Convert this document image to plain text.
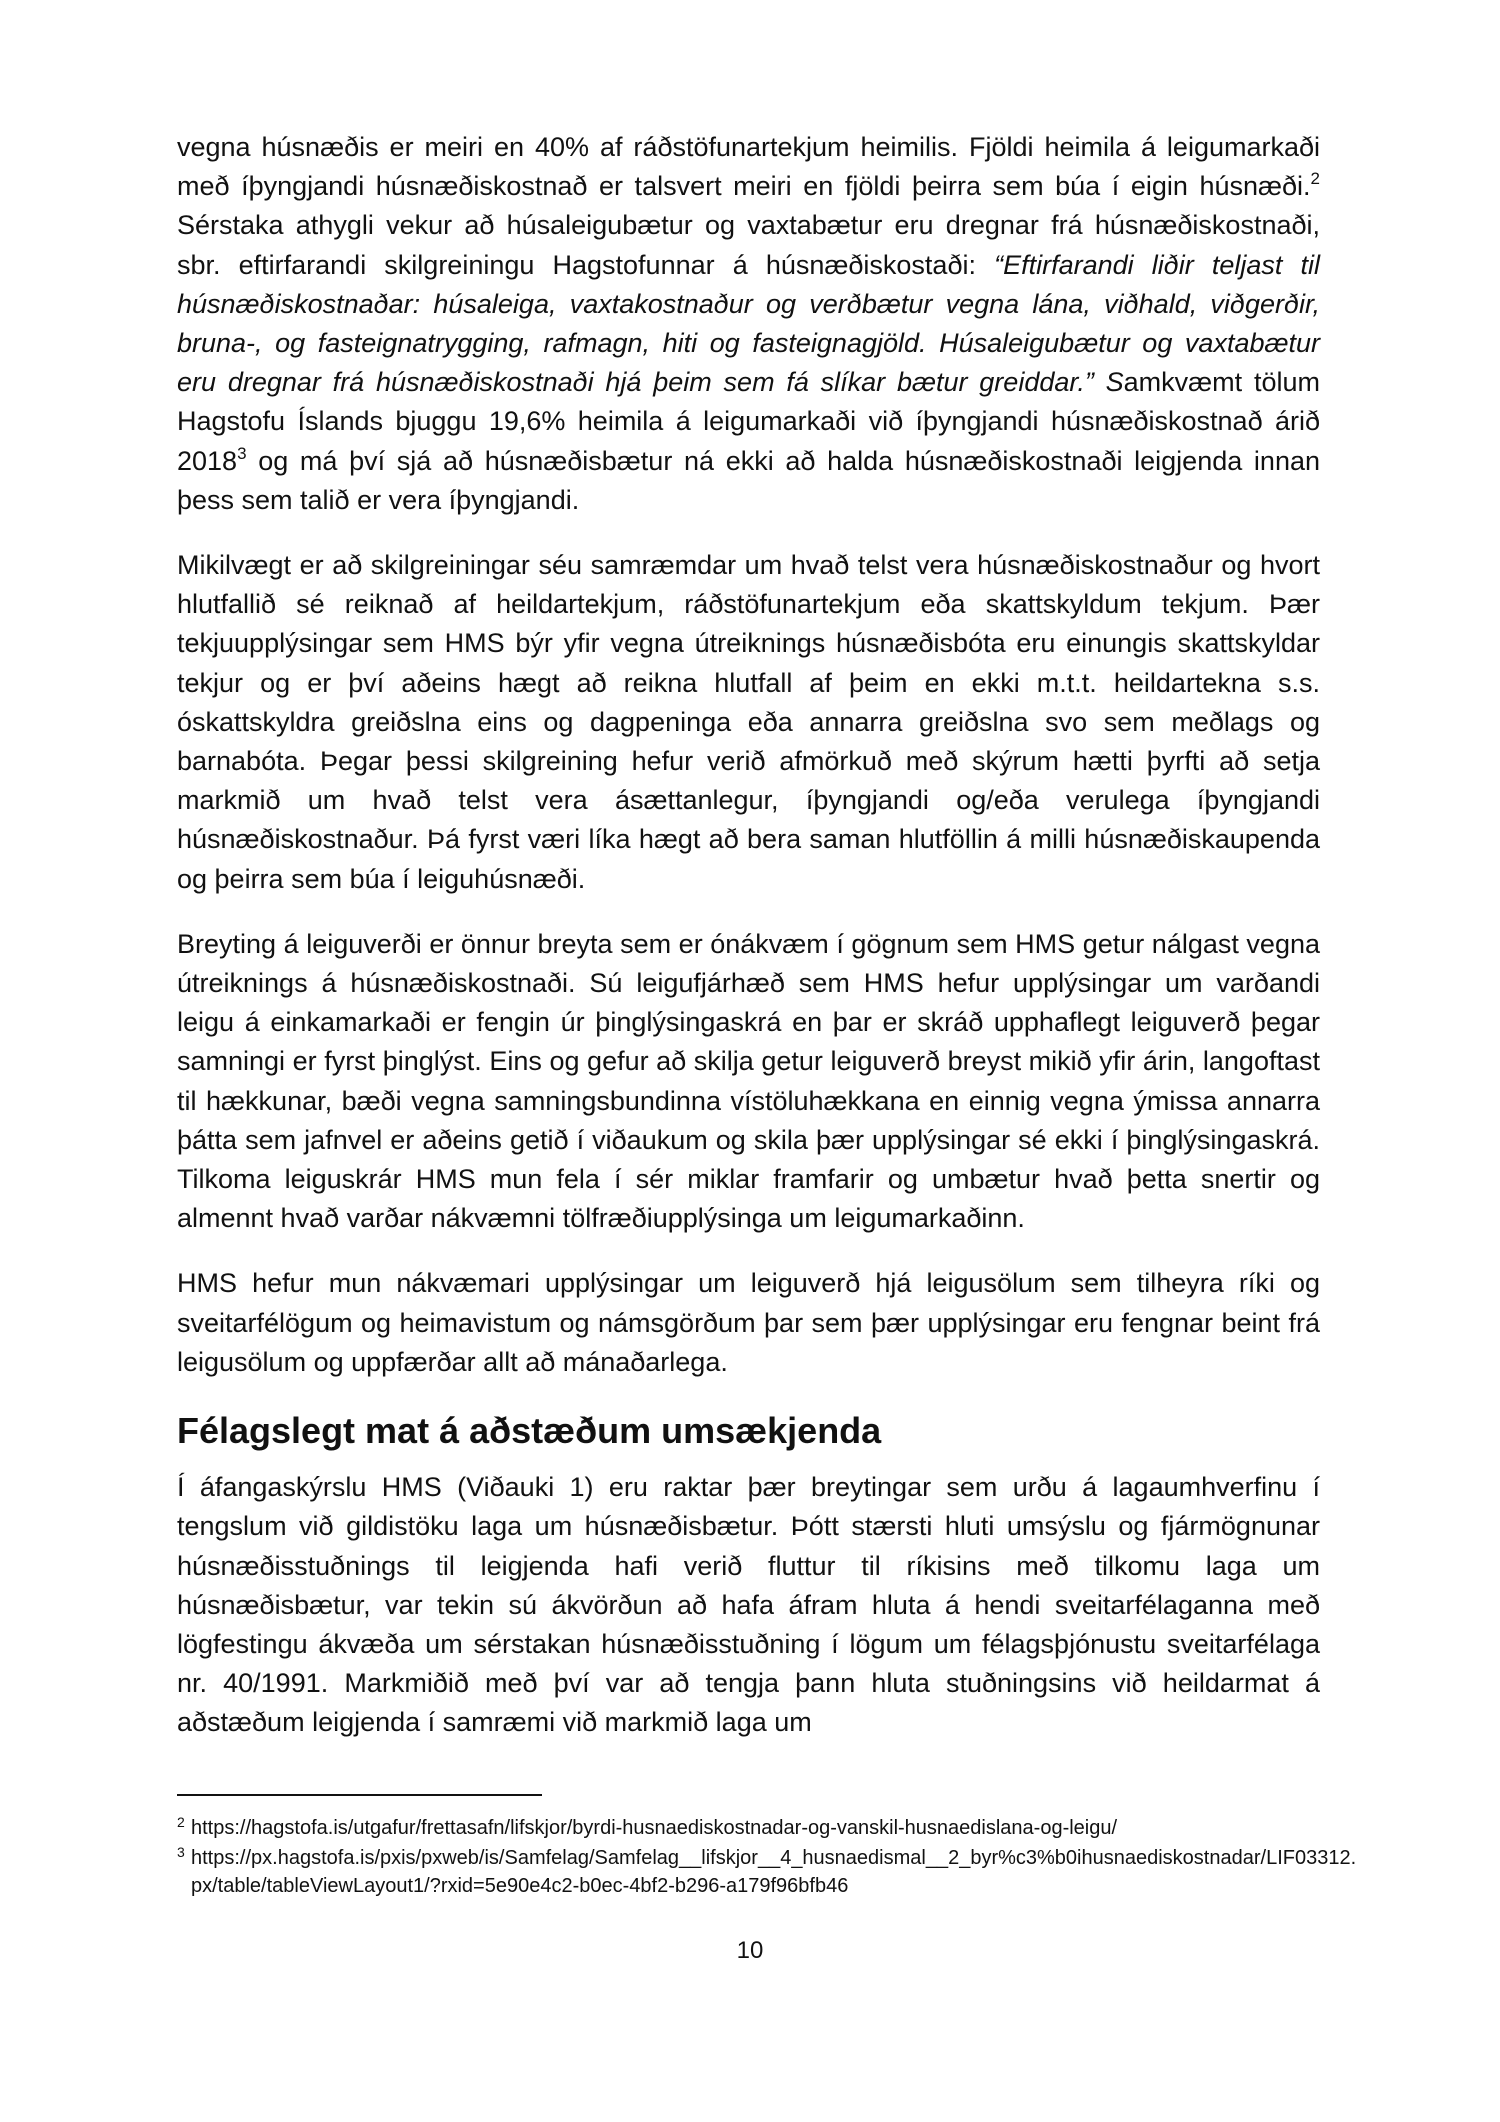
vegna húsnæðis er meiri en 40% af ráðstöfunartekjum heimilis. Fjöldi heimila á leigumarkaði með íþyngjandi húsnæðiskostnað er talsvert meiri en fjöldi þeirra sem búa í eigin húsnæði.$^2$ Sérstaka athygli vekur að húsaleigubætur og vaxtabætur eru dregnar frá húsnæðiskostnaði, sbr. eftirfarandi skilgreiningu Hagstofunnar á húsnæðiskostaði: “Eftirfarandi liðir teljast til húsnæðiskostnaðar: húsaleiga, vaxtakostnaður og verðbætur vegna lána, viðhald, viðgerðir, bruna-, og fasteignatrygging, rafmagn, hiti og fasteignagjöld. Húsaleigubætur og vaxtabætur eru dregnar frá húsnæðiskostnaði hjá þeim sem fá slíkar bætur greiddar.” Samkvæmt tölum Hagstofu Íslands bjuggu 19,6% heimila á leigumarkaði við íþyngjandi húsnæðiskostnað árið 2018$^3$ og má því sjá að húsnæðisbætur ná ekki að halda húsnæðiskostnaði leigjenda innan þess sem talið er vera íþyngjandi.

Mikilvægt er að skilgreiningar séu samræmdar um hvað telst vera húsnæðiskostnaður og hvort hlutfallið sé reiknað af heildartekjum, ráðstöfunartekjum eða skattskyldum tekjum. Þær tekjuupplýsingar sem HMS býr yfir vegna útreiknings húsnæðisbóta eru einungis skattskyldar tekjur og er því aðeins hægt að reikna hlutfall af þeim en ekki m.t.t. heildartekna s.s. óskattskyldra greiðslna eins og dagpeninga eða annarra greiðslna svo sem meðlags og barnabóta. Þegar þessi skilgreining hefur verið afmörkuð með skýrum hætti þyrfti að setja markmið um hvað telst vera ásættanlegur, íþyngjandi og/eða verulega íþyngjandi húsnæðiskostnaður. Þá fyrst væri líka hægt að bera saman hlutföllin á milli húsnæðiskaupenda og þeirra sem búa í leiguhúsnæði.

Breyting á leiguverði er önnur breyta sem er ónákvæm í gögnum sem HMS getur nálgast vegna útreiknings á húsnæðiskostnaði. Sú leigufjárhæð sem HMS hefur upplýsingar um varðandi leigu á einkamarkaði er fengin úr þinglýsingaskrá en þar er skráð upphaflegt leiguverð þegar samningi er fyrst þinglýst. Eins og gefur að skilja getur leiguverð breyst mikið yfir árin, langoftast til hækkunar, bæði vegna samningsbundinna vístöluhækkana en einnig vegna ýmissa annarra þátta sem jafnvel er aðeins getið í viðaukum og skila þær upplýsingar sé ekki í þinglýsingaskrá. Tilkoma leiguskrár HMS mun fela í sér miklar framfarir og umbætur hvað þetta snertir og almennt hvað varðar nákvæmni tölfræðiupplýsinga um leigumarkaðinn.

HMS hefur mun nákvæmari upplýsingar um leiguverð hjá leigusölum sem tilheyra ríki og sveitarfélögum og heimavistum og námsgörðum þar sem þær upplýsingar eru fengnar beint frá leigusölum og uppfærðar allt að mánaðarlega.

Félagslegt mat á aðstæðum umsækjenda

Í áfangaskýrslu HMS (Viðauki 1) eru raktar þær breytingar sem urðu á lagaumhverfinu í tengslum við gildistöku laga um húsnæðisbætur. Þótt stærsti hluti umsýslu og fjármögnunar húsnæðisstuðnings til leigjenda hafi verið fluttur til ríkisins með tilkomu laga um húsnæðisbætur, var tekin sú ákvörðun að hafa áfram hluta á hendi sveitarfélaganna með lögfestingu ákvæða um sérstakan húsnæðisstuðning í lögum um félagsþjónustu sveitarfélaga nr. 40/1991. Markmiðið með því var að tengja þann hluta stuðningsins við heildarmat á aðstæðum leigjenda í samræmi við markmið laga um

2 https://hagstofa.is/utgafur/frettasafn/lifskjor/byrdi-husnaediskostnadar-og-vanskil-husnaedislana-og-leigu/
3 https://px.hagstofa.is/pxis/pxweb/is/Samfelag/Samfelag__lifskjor__4_husnaedismal__2_byr%c3%b0ihusnaediskostnadar/LIF03312.px/table/tableViewLayout1/?rxid=5e90e4c2-b0ec-4bf2-b296-a179f96bfb46
10
